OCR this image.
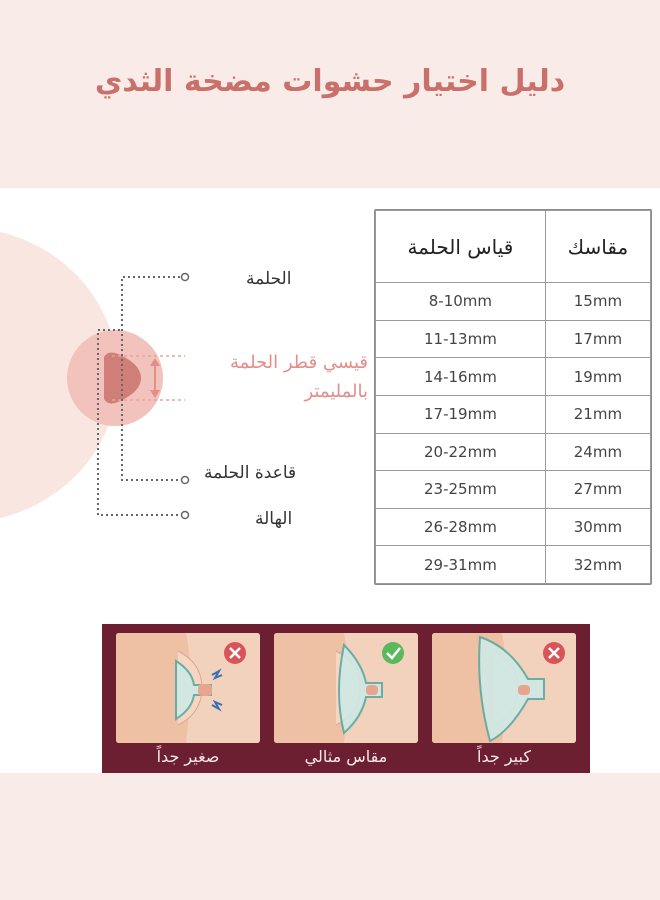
دليل اختيار حشوات مضخة الثدي
الحلمة
قيسي قطر الحلمة
بالمليمتر
قاعدة الحلمة
الهالة
قياس الحلمة	مقاسك
8-10mm	15mm
11-13mm	17mm
14-16mm	19mm
17-19mm	21mm
20-22mm	24mm
23-25mm	27mm
26-28mm	30mm
29-31mm	32mm
صغير جداً	مقاس مثالي	كبير جداً
